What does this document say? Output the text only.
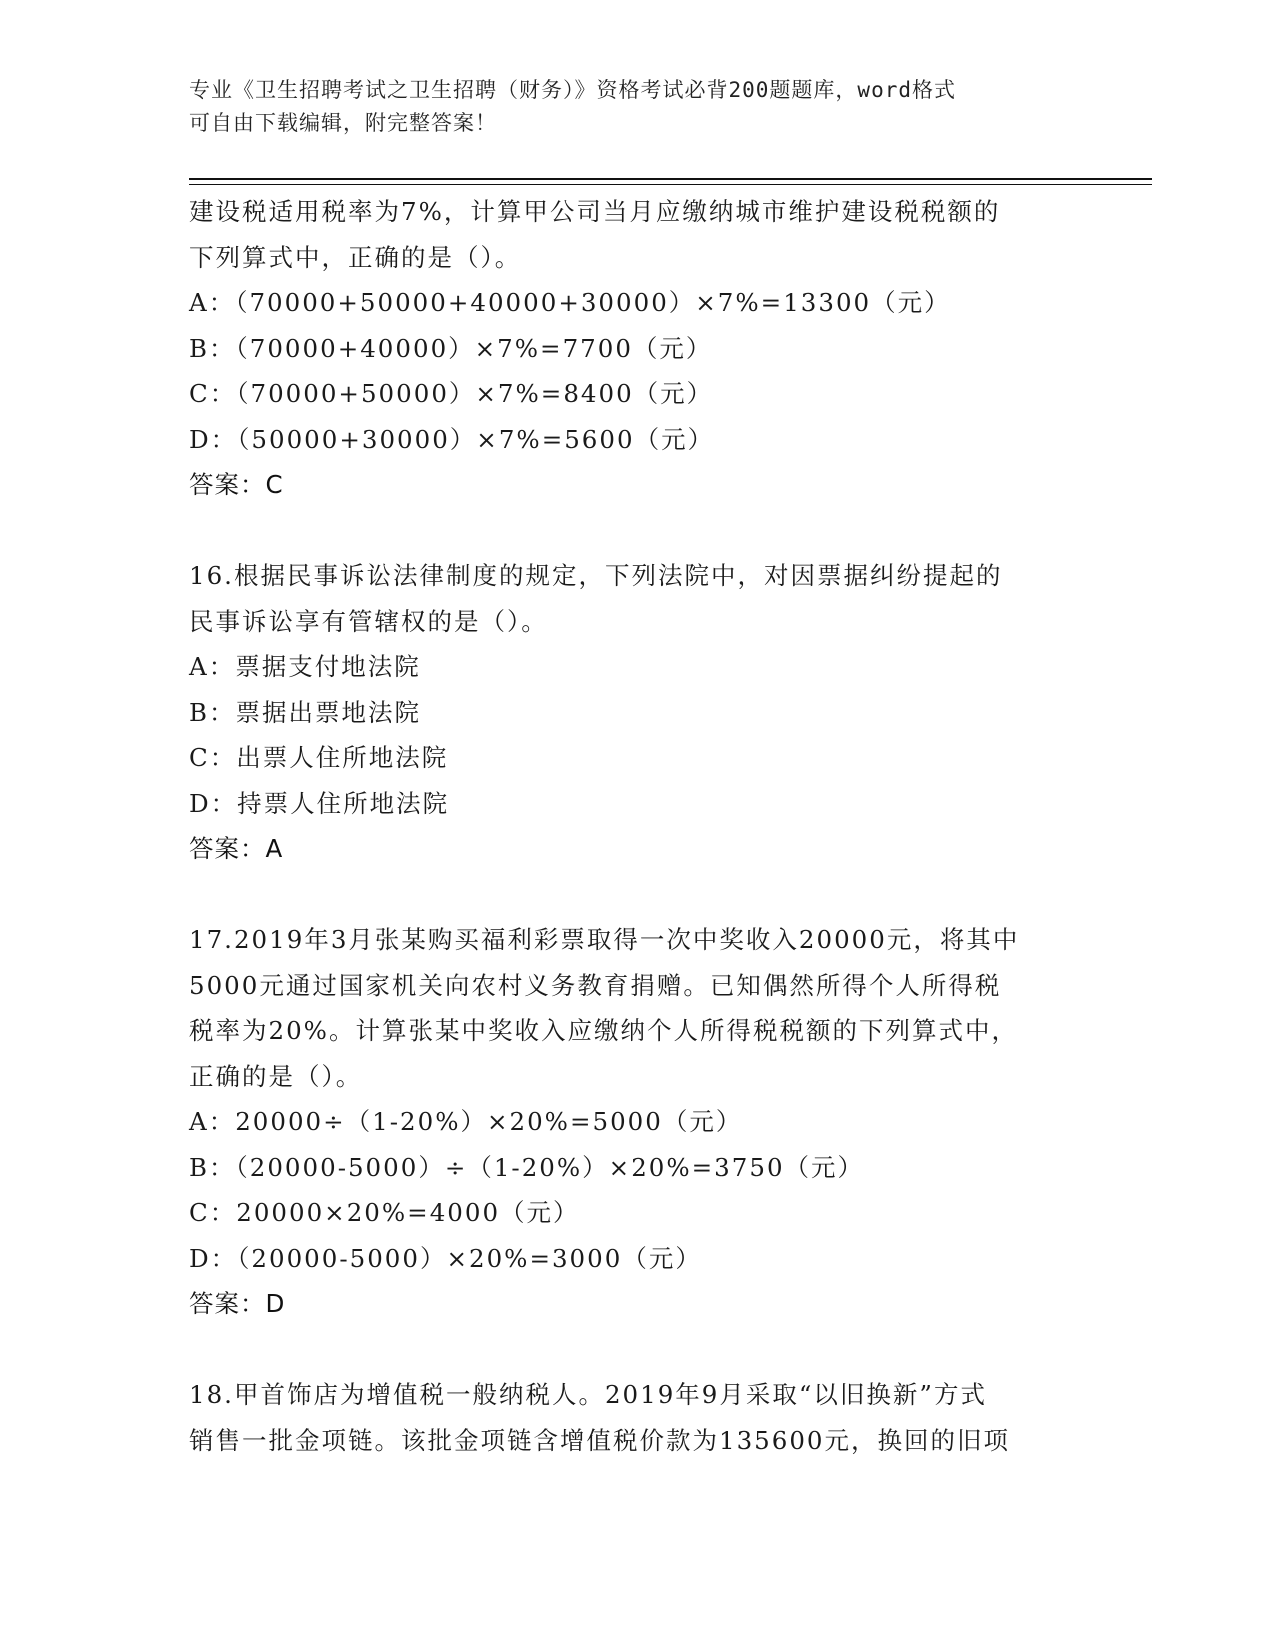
专业《卫生招聘考试之卫生招聘（财务）》资格考试必背200题题库，word格式
可自由下载编辑，附完整答案！
建设税适用税率为7%，计算甲公司当月应缴纳城市维护建设税税额的
下列算式中，正确的是（）。
A：（70000+50000+40000+30000）×7%=13300（元）
B：（70000+40000）×7%=7700（元）
C：（70000+50000）×7%=8400（元）
D：（50000+30000）×7%=5600（元）
答案：C
16.根据民事诉讼法律制度的规定，下列法院中，对因票据纠纷提起的
民事诉讼享有管辖权的是（）。
A：票据支付地法院
B：票据出票地法院
C：出票人住所地法院
D：持票人住所地法院
答案：A
17.2019年3月张某购买福利彩票取得一次中奖收入20000元，将其中
5000元通过国家机关向农村义务教育捐赠。已知偶然所得个人所得税
税率为20%。计算张某中奖收入应缴纳个人所得税税额的下列算式中，
正确的是（）。
A：20000÷（1-20%）×20%=5000（元）
B：（20000-5000）÷（1-20%）×20%=3750（元）
C：20000×20%=4000（元）
D：（20000-5000）×20%=3000（元）
答案：D
18.甲首饰店为增值税一般纳税人。2019年9月采取“以旧换新”方式
销售一批金项链。该批金项链含增值税价款为135600元，换回的旧项
